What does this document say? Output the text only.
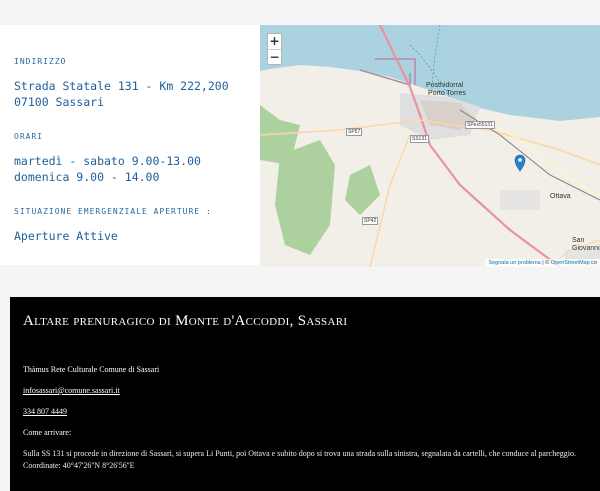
INDIRIZZO
Strada Statale 131 - Km 222,200
07100 Sassari
ORARI
martedì - sabato 9.00-13.00
domenica 9.00 - 14.00
SITUAZIONE EMERGENZIALE APERTURE :
Aperture Attive
Posthidorral
Porto Torres
Ottava
San Giovanni
SP57
SS131
SPex55131
SP42
+
−
Segnala un problema | © OpenStreetMap co
Altare prenuragico di Monte d'Accoddi, Sassari
Thàmus Rete Culturale Comune di Sassari
infosassari@comune.sassari.it
334 807 4449
Come arrivare:

Sulla SS 131 si procede in direzione di Sassari, si supera Li Punti, poi Ottava e subito dopo si trova una strada sulla sinistra, segnalata da cartelli, che conduce al parcheggio. Coordinate: 40°47'26''N 8°26'56''E
